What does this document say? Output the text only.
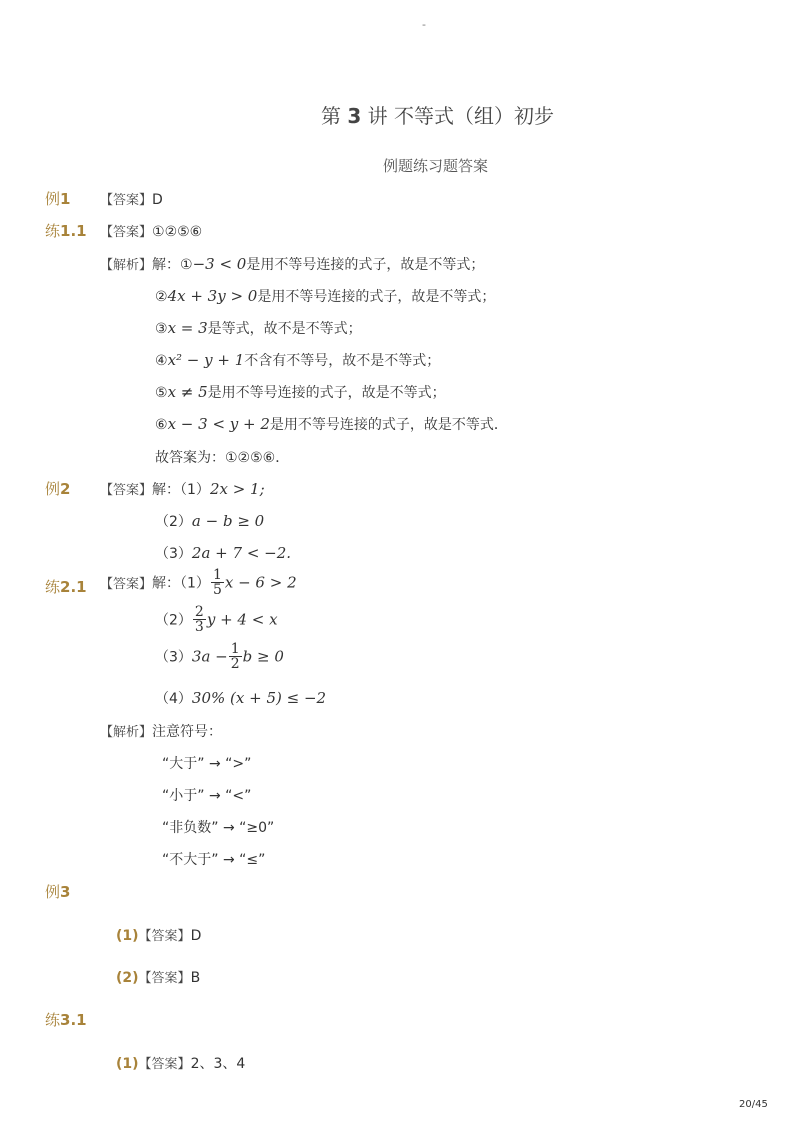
-
第 3 讲 不等式（组）初步
例题练习题答案
例1 【答案】D
练1.1 【答案】①②⑤⑥
【解析】解：①−3 < 0是用不等号连接的式子，故是不等式；
②4x + 3y > 0是用不等号连接的式子，故是不等式；
③x = 3是等式，故不是不等式；
④x² − y + 1不含有不等号，故不是不等式；
⑤x ≠ 5是用不等号连接的式子，故是不等式；
⑥x − 3 < y + 2是用不等号连接的式子，故是不等式．
故答案为：①②⑤⑥．
例2 【答案】解：（1）2x > 1;
（2）a − b ≥ 0
（3）2a + 7 < −2.
练2.1 【答案】解：$(1) \frac{1}{5}$ x − 6 > 2
$(2) \frac{2}{3}$ y + 4 < x
$(3)3a - \frac{1}{2}$ b ≥ 0
（4）30% (x + 5) ≤ −2
【解析】注意符号：
“大于” → “>”
“小于” → “<”
“非负数” → “≥0”
“不大于” → “≤”
例3
(1)【答案】D
(2)【答案】B
练3.1
(1)【答案】2、3、4
20/45
